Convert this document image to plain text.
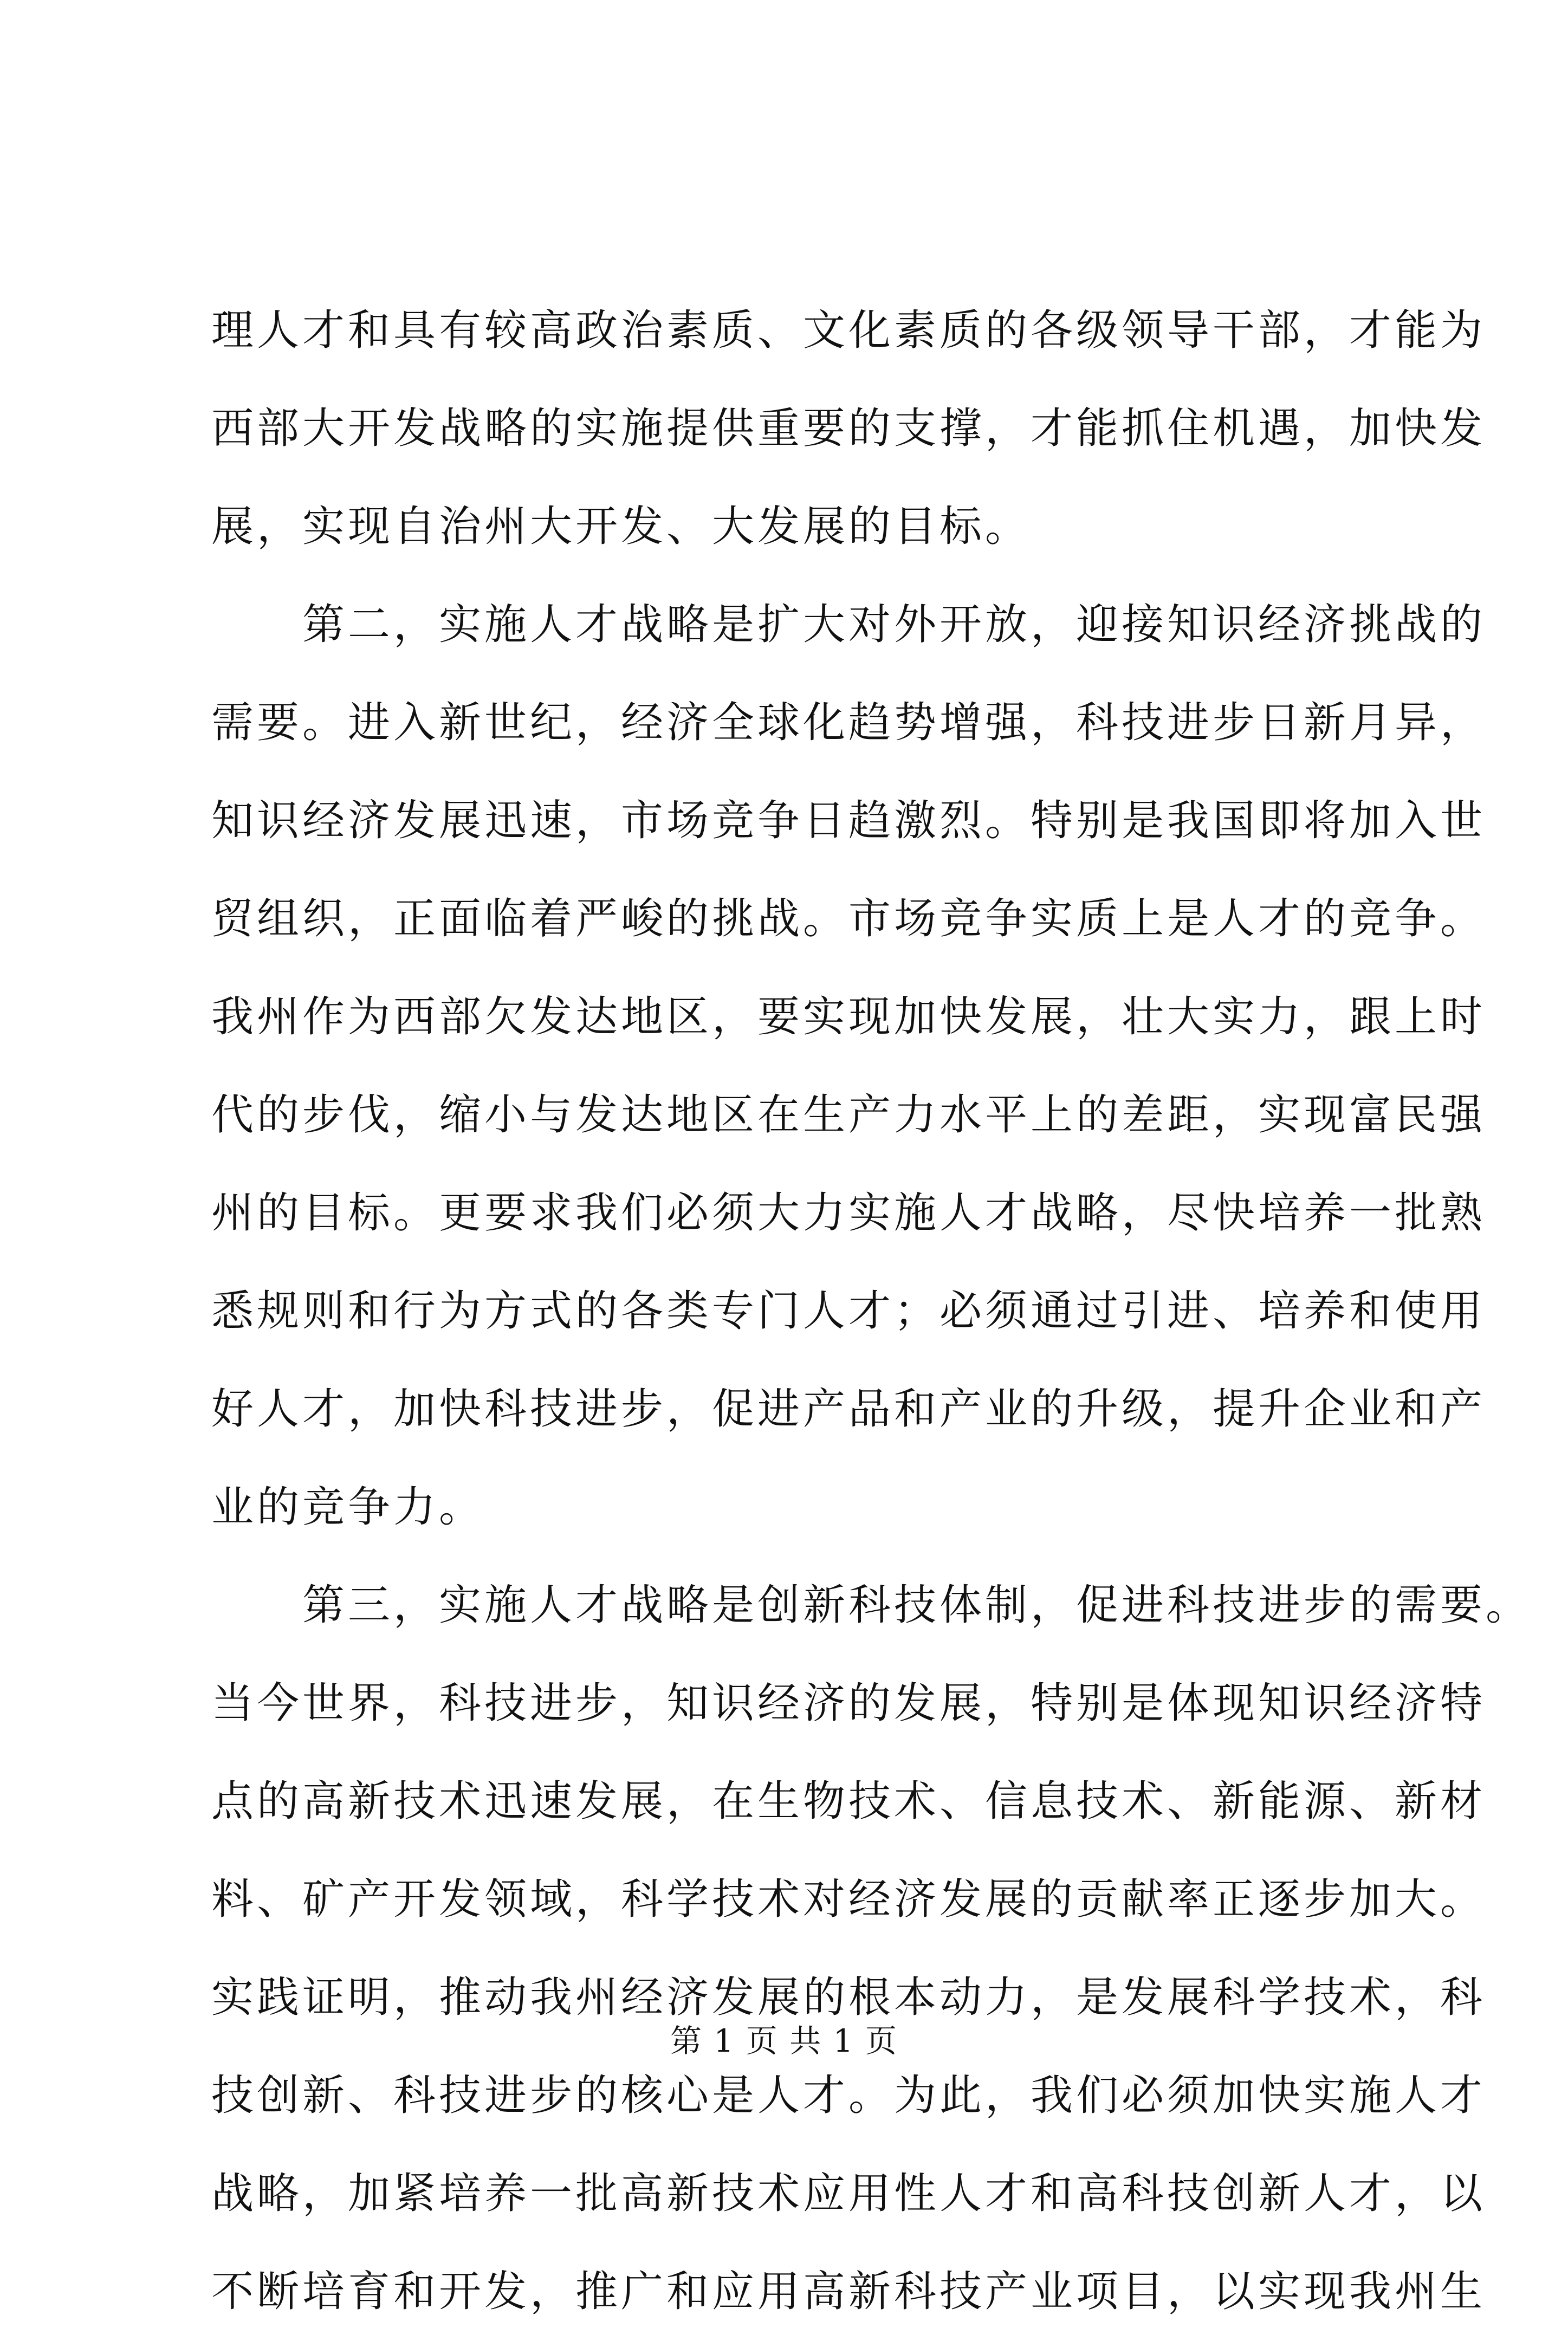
理人才和具有较高政治素质、文化素质的各级领导干部，才能为
西部大开发战略的实施提供重要的支撑，才能抓住机遇，加快发
展，实现自治州大开发、大发展的目标。
　　第二，实施人才战略是扩大对外开放，迎接知识经济挑战的
需要。进入新世纪，经济全球化趋势增强，科技进步日新月异，
知识经济发展迅速，市场竞争日趋激烈。特别是我国即将加入世
贸组织，正面临着严峻的挑战。市场竞争实质上是人才的竞争。
我州作为西部欠发达地区，要实现加快发展，壮大实力，跟上时
代的步伐，缩小与发达地区在生产力水平上的差距，实现富民强
州的目标。更要求我们必须大力实施人才战略，尽快培养一批熟
悉规则和行为方式的各类专门人才；必须通过引进、培养和使用
好人才，加快科技进步，促进产品和产业的升级，提升企业和产
业的竞争力。
　　第三，实施人才战略是创新科技体制，促进科技进步的需要。
当今世界，科技进步，知识经济的发展，特别是体现知识经济特
点的高新技术迅速发展，在生物技术、信息技术、新能源、新材
料、矿产开发领域，科学技术对经济发展的贡献率正逐步加大。
实践证明，推动我州经济发展的根本动力，是发展科学技术，科
技创新、科技进步的核心是人才。为此，我们必须加快实施人才
战略，加紧培养一批高新技术应用性人才和高科技创新人才，以
不断培育和开发，推广和应用高新科技产业项目，以实现我州生
第 1 页 共 1 页
